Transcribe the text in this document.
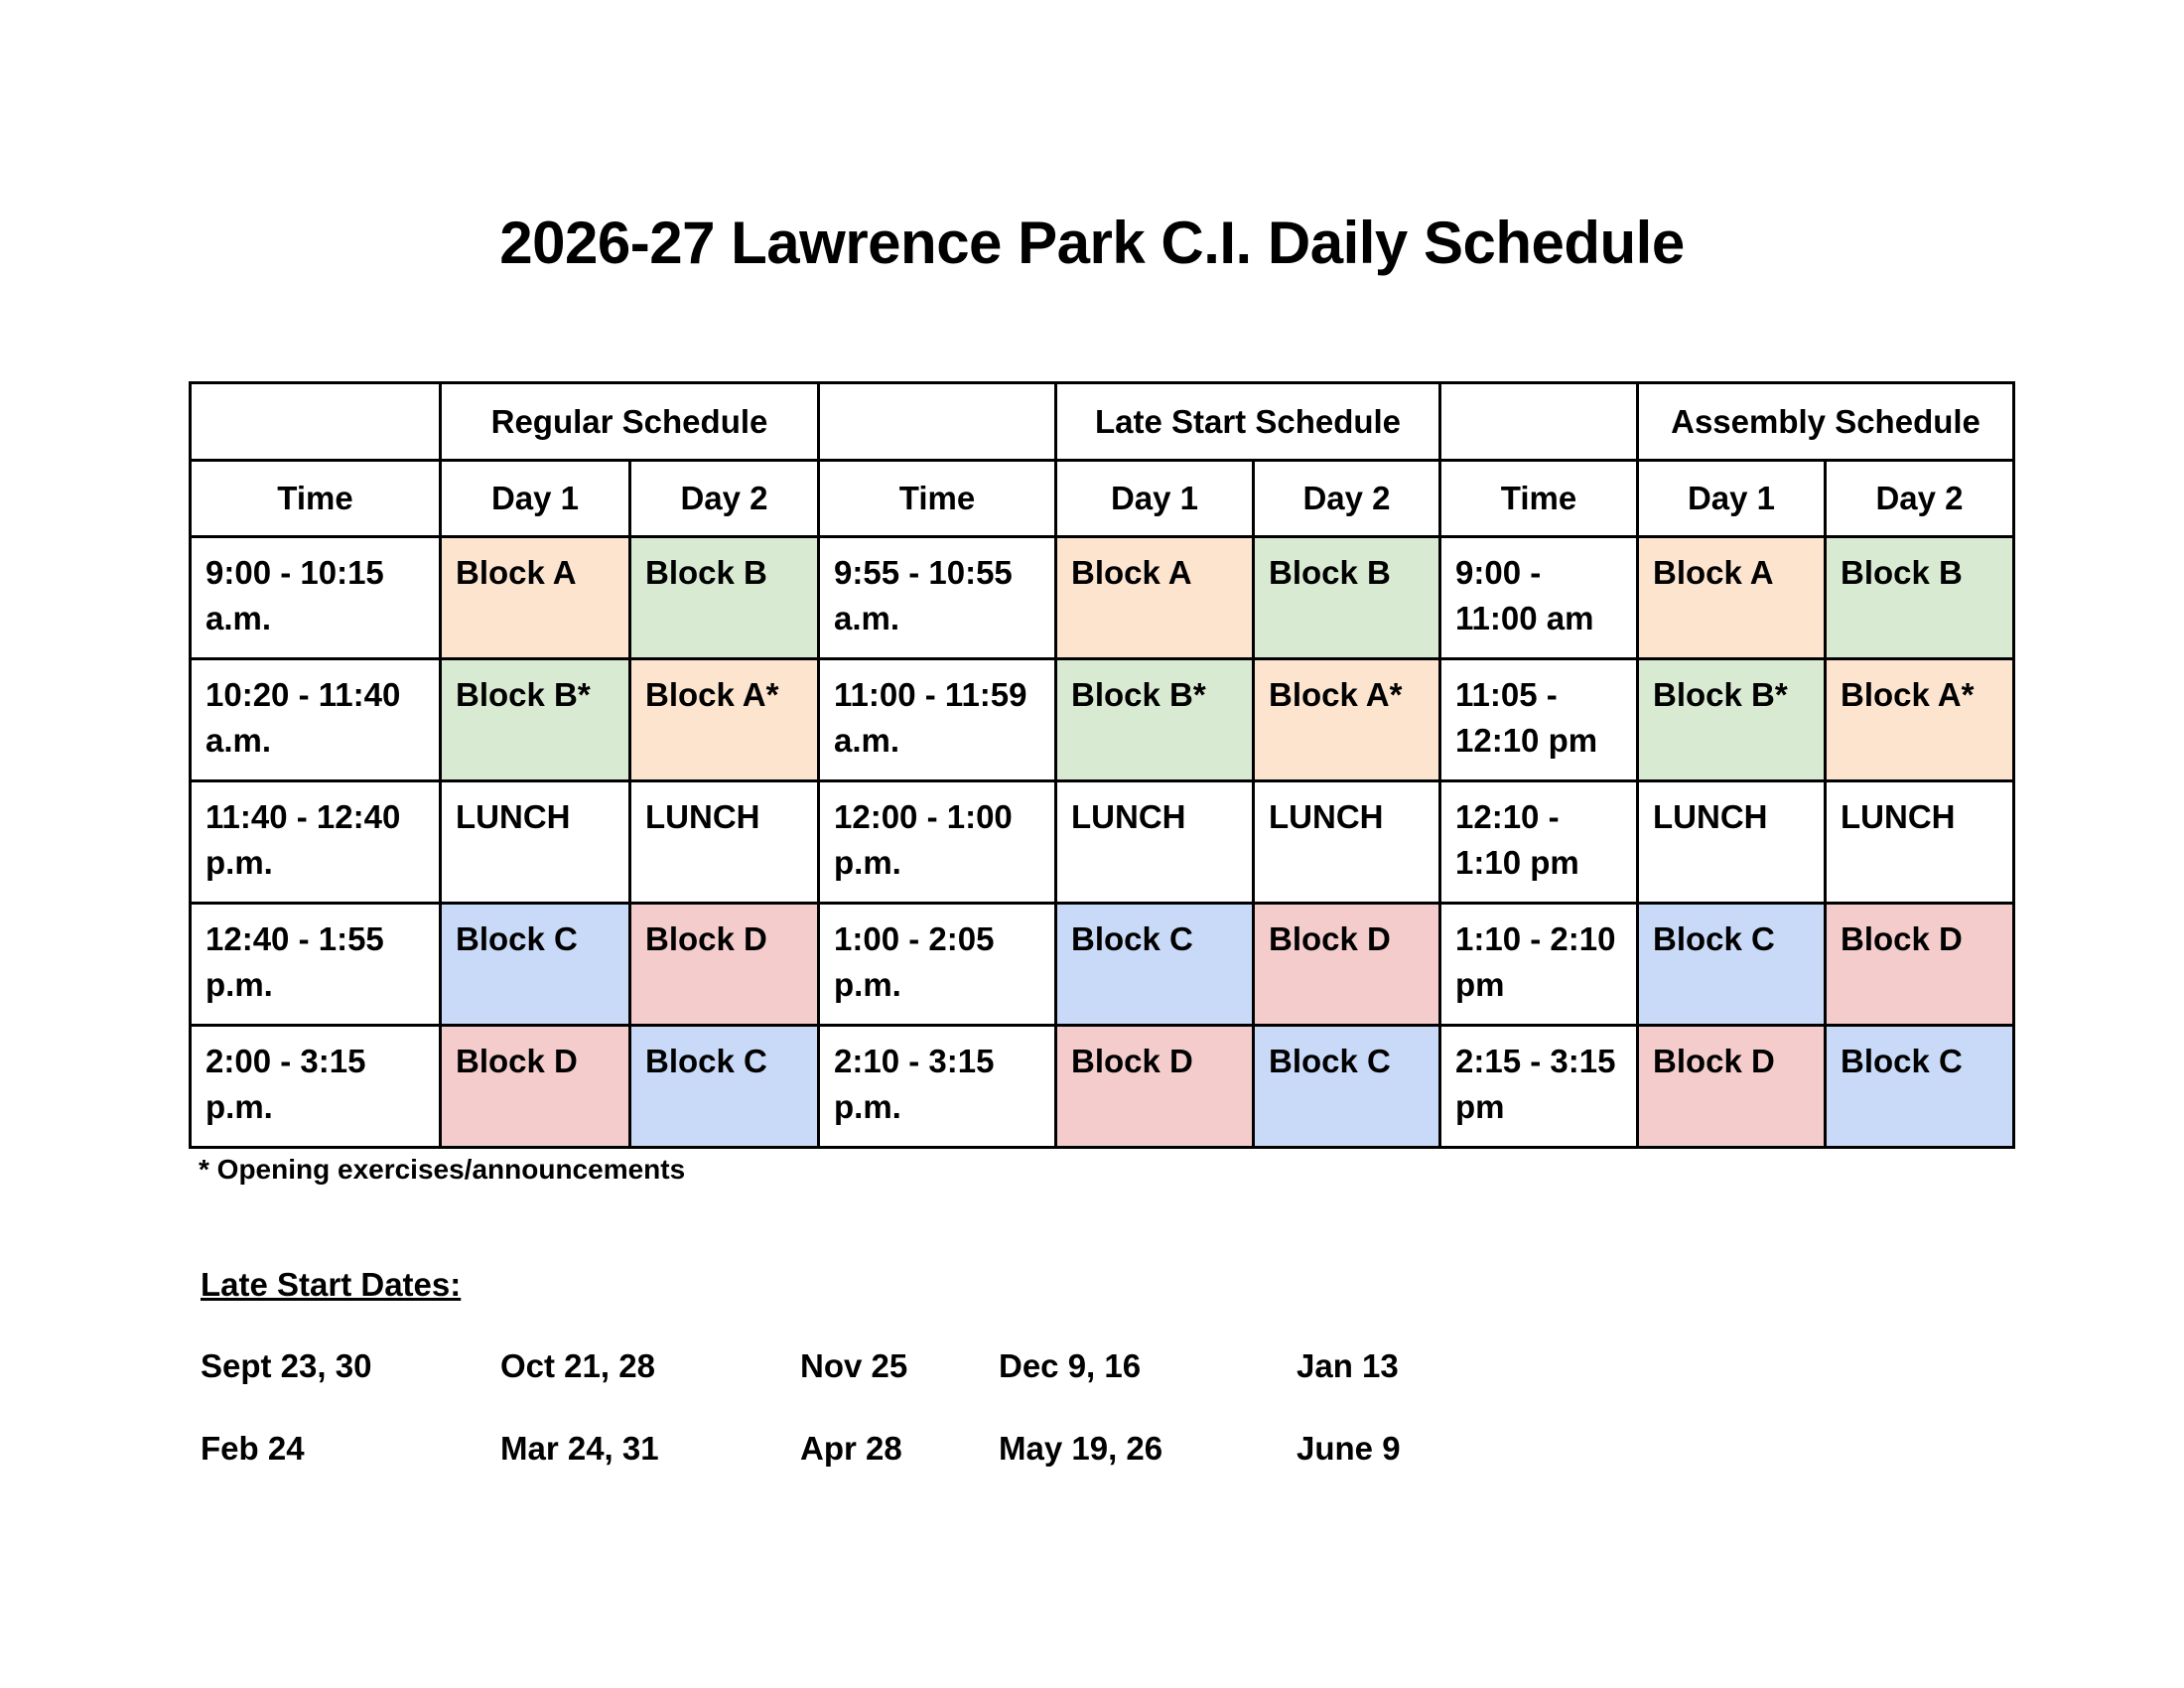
2026-27 Lawrence Park C.I. Daily Schedule
	Regular Schedule			Late Start Schedule			Assembly Schedule	
Time	Day 1	Day 2	Time	Day 1	Day 2	Time	Day 1	Day 2
9:00 - 10:15 a.m.	Block A	Block B	9:55 - 10:55 a.m.	Block A	Block B	9:00 - 11:00 am	Block A	Block B
10:20 - 11:40 a.m.	Block B*	Block A*	11:00 - 11:59 a.m.	Block B*	Block A*	11:05 - 12:10 pm	Block B*	Block A*
11:40 - 12:40 p.m.	LUNCH	LUNCH	12:00 - 1:00 p.m.	LUNCH	LUNCH	12:10 - 1:10 pm	LUNCH	LUNCH
12:40 - 1:55 p.m.	Block C	Block D	1:00 - 2:05 p.m.	Block C	Block D	1:10 - 2:10 pm	Block C	Block D
2:00 - 3:15 p.m.	Block D	Block C	2:10 - 3:15 p.m.	Block D	Block C	2:15 - 3:15 pm	Block D	Block C
* Opening exercises/announcements
Late Start Dates:
Sept 23, 30	Oct 21, 28	Nov 25	Dec 9, 16	Jan 13
Feb 24	Mar 24, 31	Apr 28	May 19, 26	June 9
